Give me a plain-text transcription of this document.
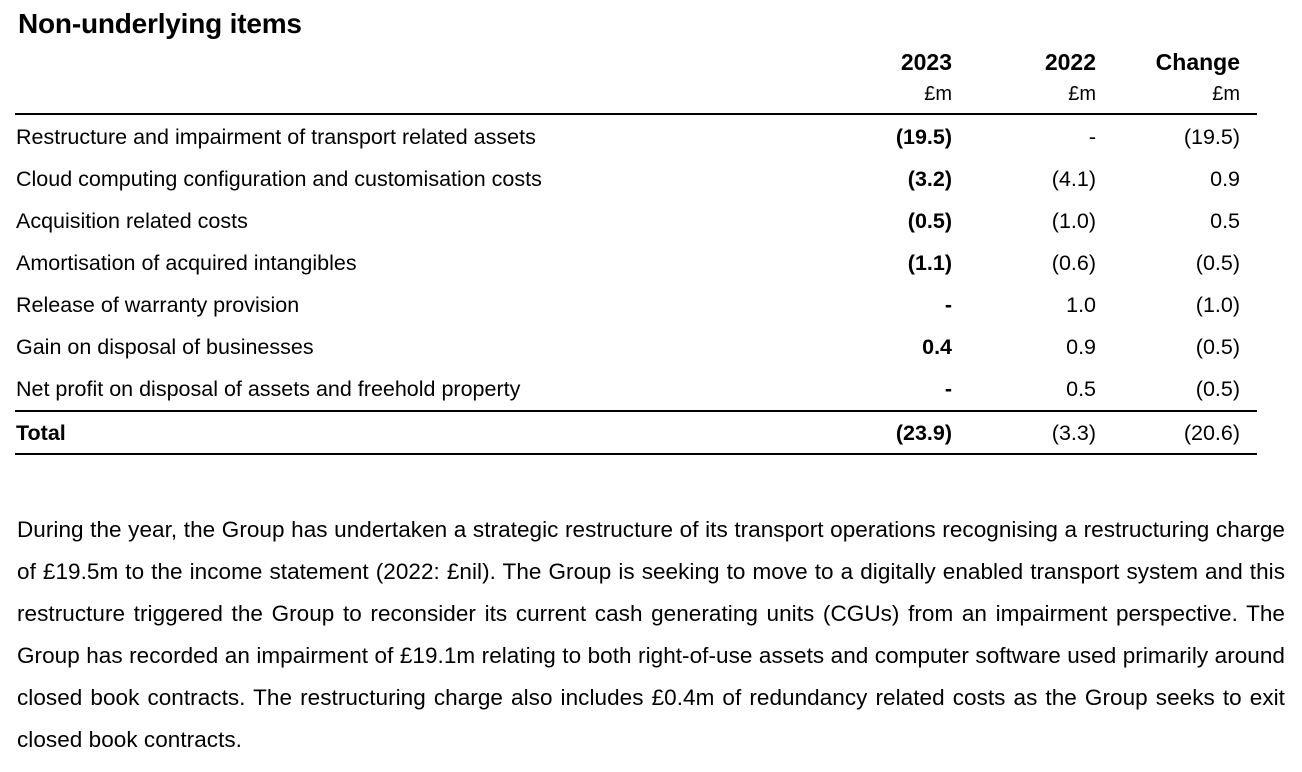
Non-underlying items
2023	2022	Change
£m	£m	£m
Restructure and impairment of transport related assets	(19.5)	-	(19.5)
Cloud computing configuration and customisation costs	(3.2)	(4.1)	0.9
Acquisition related costs	(0.5)	(1.0)	0.5
Amortisation of acquired intangibles	(1.1)	(0.6)	(0.5)
Release of warranty provision	-	1.0	(1.0)
Gain on disposal of businesses	0.4	0.9	(0.5)
Net profit on disposal of assets and freehold property	-	0.5	(0.5)
Total	(23.9)	(3.3)	(20.6)

During the year, the Group has undertaken a strategic restructure of its transport operations recognising a restructuring charge of £19.5m to the income statement (2022: £nil). The Group is seeking to move to a digitally enabled transport system and this restructure triggered the Group to reconsider its current cash generating units (CGUs) from an impairment perspective. The Group has recorded an impairment of £19.1m relating to both right-of-use assets and computer software used primarily around closed book contracts. The restructuring charge also includes £0.4m of redundancy related costs as the Group seeks to exit closed book contracts.
